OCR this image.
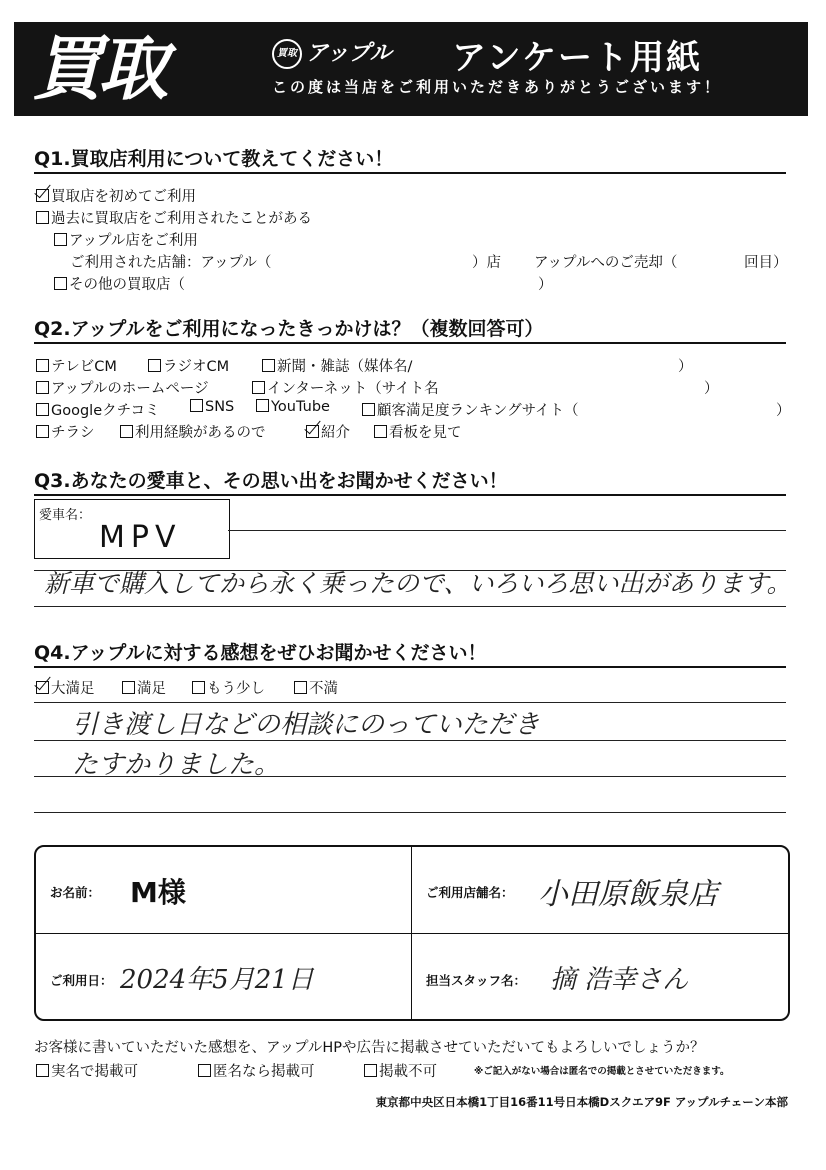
買取	買取 アップル アンケート用紙
この度は当店をご利用いただきありがとうございます！
Q1.買取店利用について教えてください！
買取店を初めてご利用
過去に買取店をご利用されたことがある
アップル店をご利用
ご利用された店舗：アップル（	）店 アップルへのご売却（	回目）
その他の買取店（	）
Q2.アップルをご利用になったきっかけは？（複数回答可）
テレビCM	ラジオCM	新聞・雑誌（媒体名/	）
アップルのホームページ	インターネット（サイト名	）
Googleクチコミ	SNS	YouTube	顧客満足度ランキングサイト（	）
チラシ	利用経験があるので	紹介	看板を見て
Q3.あなたの愛車と、その思い出をお聞かせください！
愛車名：
MPV
新車で購入してから永く乗ったので、いろいろ思い出があります。
Q4.アップルに対する感想をぜひお聞かせください！
大満足	満足	もう少し	不満
引き渡し日などの相談にのっていただき
たすかりました。
お名前： M様	ご利用店舗名： 小田原飯泉店
ご利用日： 2024年5月21日	担当スタッフ名： 摘 浩幸さん
お客様に書いていただいた感想を、アップルHPや広告に掲載させていただいてもよろしいでしょうか？
実名で掲載可	匿名なら掲載可	掲載不可	※ご記入がない場合は匿名での掲載とさせていただきます。
東京都中央区日本橋1丁目16番11号日本橋Dスクエア9F アップルチェーン本部
